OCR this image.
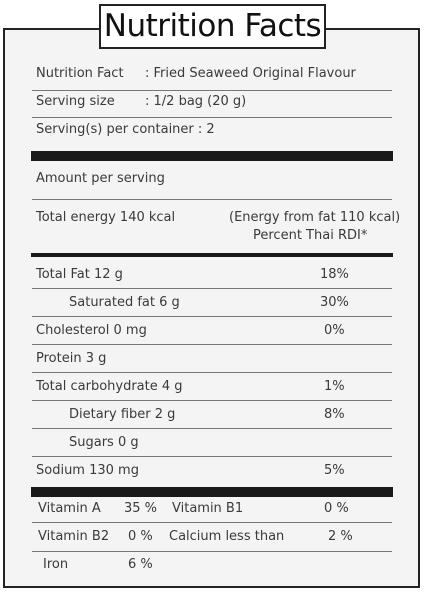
Nutrition Facts
Nutrition Fact : Fried Seaweed Original Flavour
Serving size : 1/2 bag (20 g)
Serving(s) per container : 2
Amount per serving
Total energy 140 kcal	(Energy from fat 110 kcal)
Percent Thai RDI*
Total Fat 12 g	18%
Saturated fat 6 g	30%
Cholesterol 0 mg	0%
Protein 3 g
Total carbohydrate 4 g	1%
Dietary fiber 2 g	8%
Sugars 0 g
Sodium 130 mg	5%
Vitamin A 35 % Vitamin B1	0 %
Vitamin B2 0 % Calcium less than	2 %
Iron	6 %
